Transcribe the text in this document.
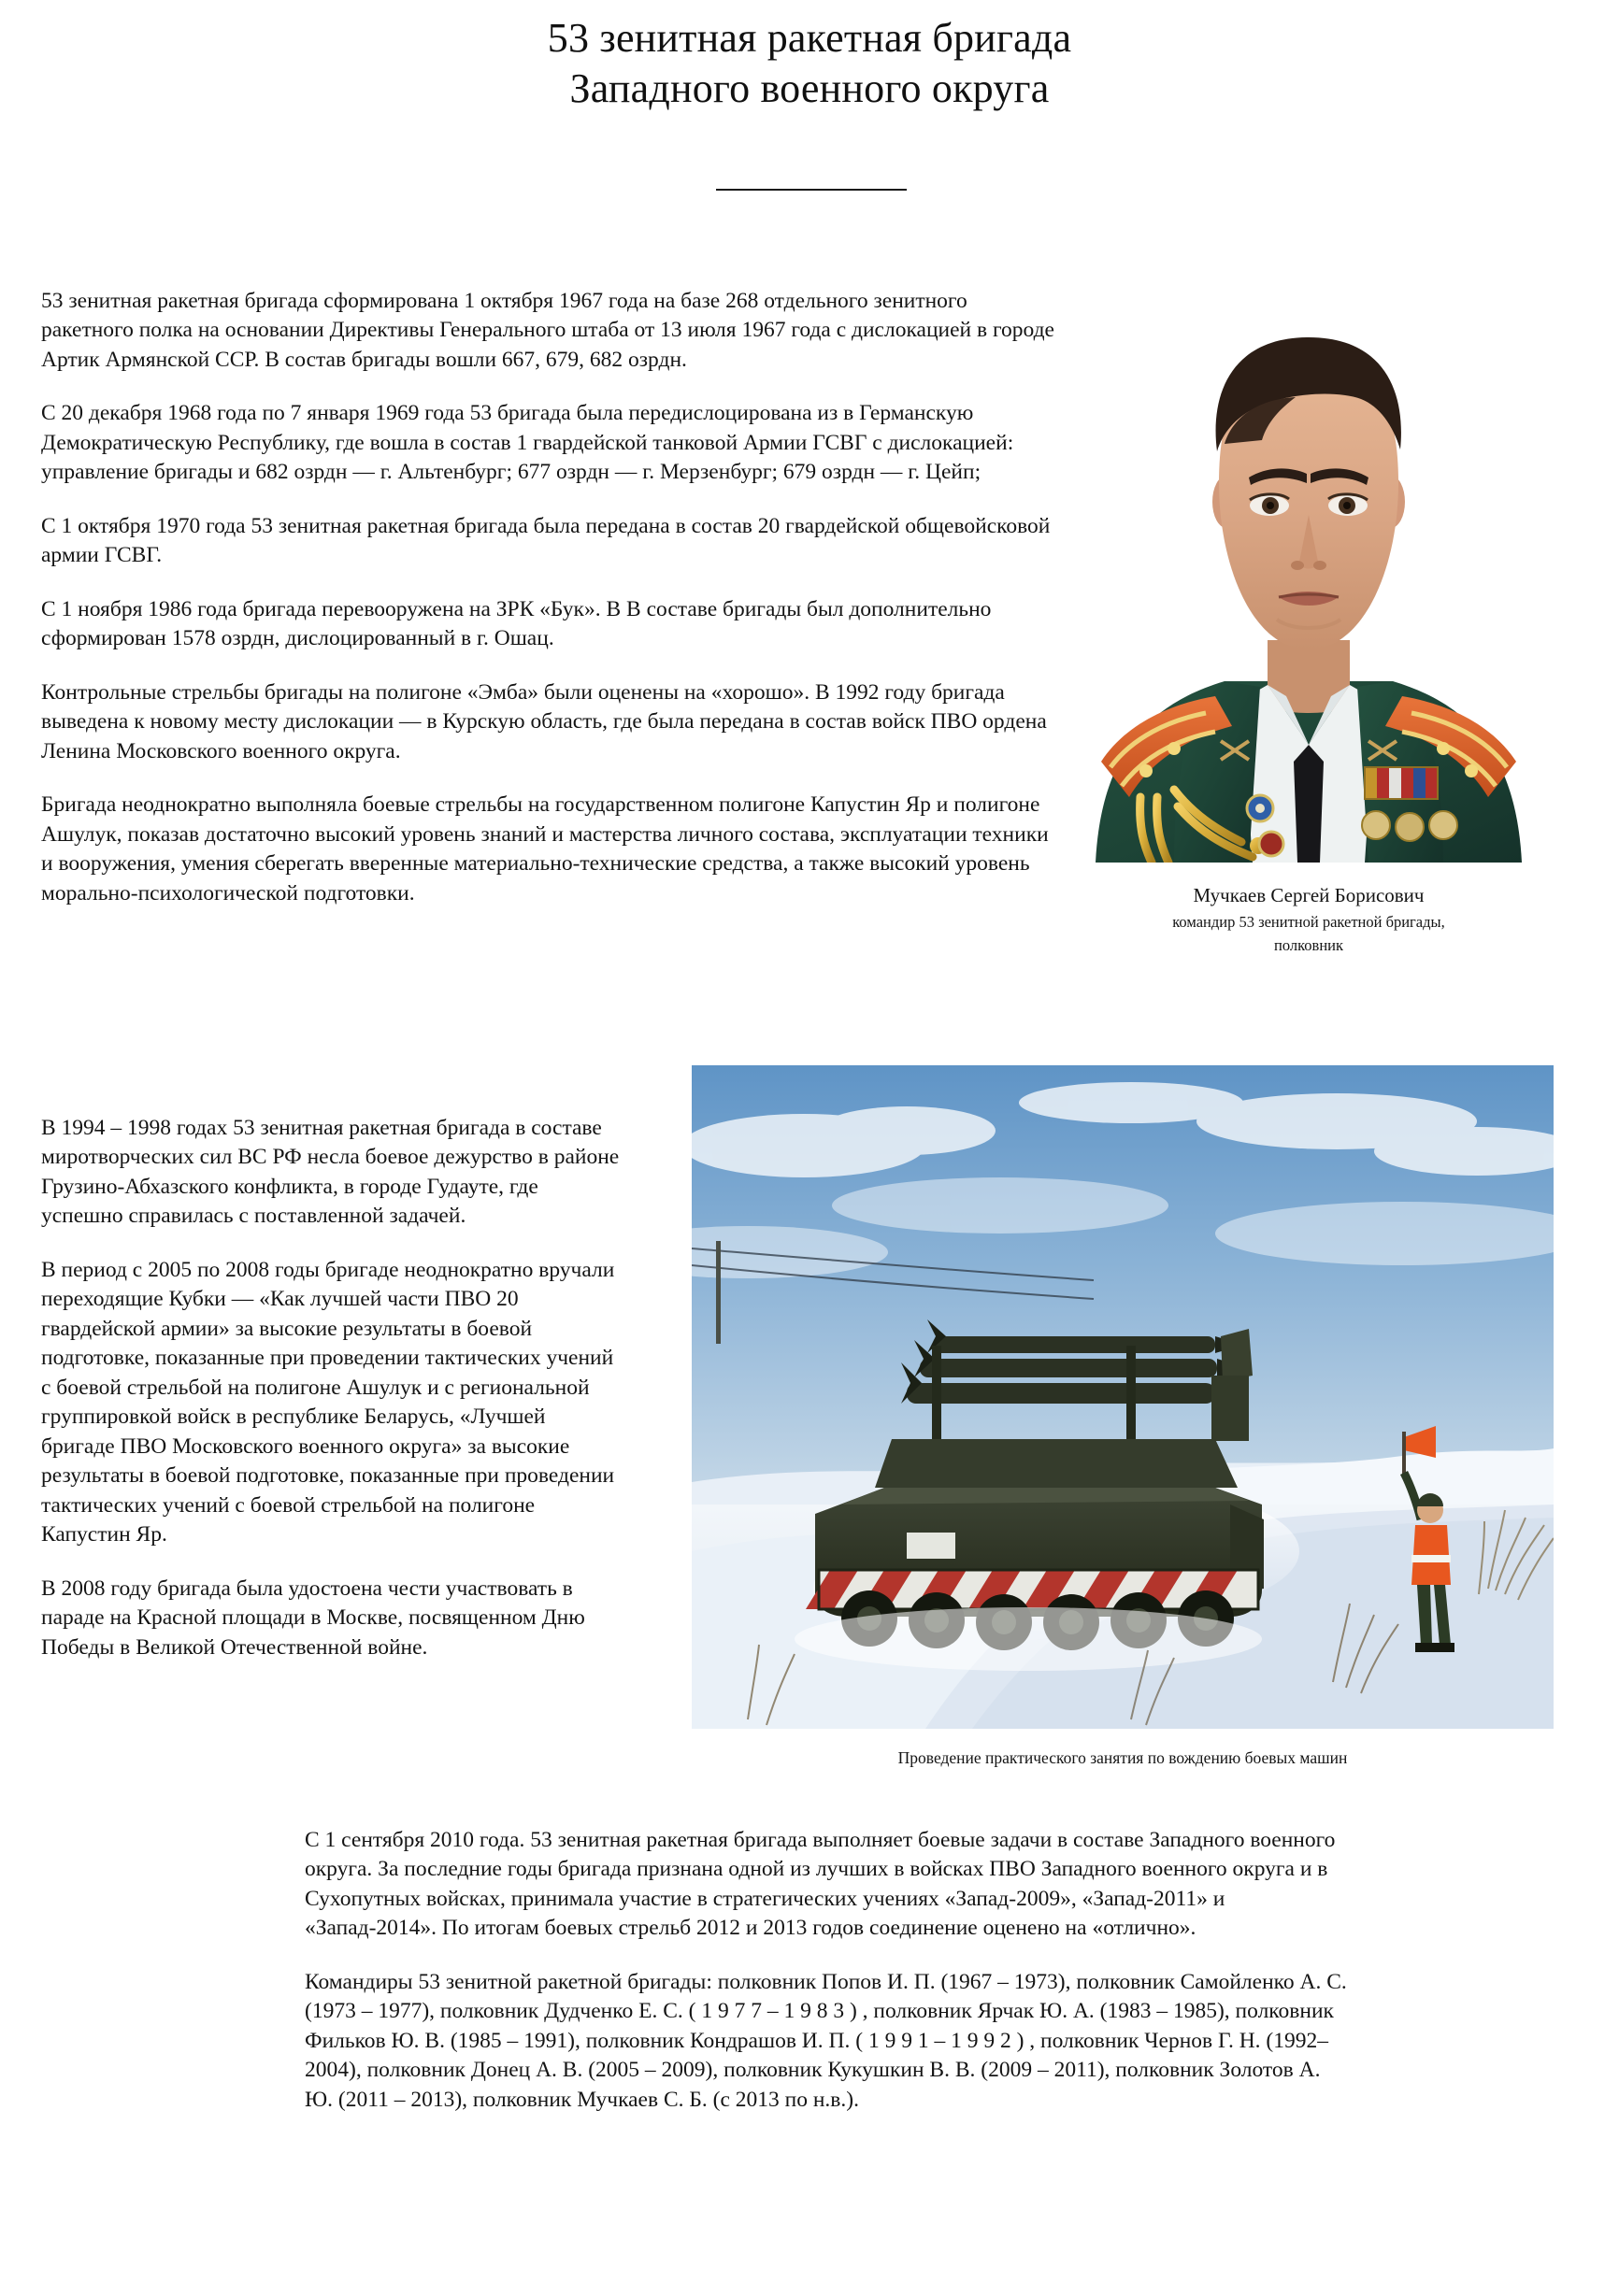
53 зенитная ракетная бригада
Западного военного округа

53 зенитная ракетная бригада сформирована 1 октября 1967 года на базе 268 отдельного зенитного ракетного полка на основании Директивы Генерального штаба от 13 июля 1967 года с дислокацией в городе Артик Армянской ССР. В состав бригады вошли 667, 679, 682 озрдн.

С 20 декабря 1968 года по 7 января 1969 года 53 бригада была передислоцирована из в Германскую Демократическую Республику, где вошла в состав 1 гвардейской танковой Армии ГСВГ с дислокацией: управление бригады и 682 озрдн — г. Альтенбург; 677 озрдн — г. Мерзенбург; 679 озрдн — г. Цейп;

С 1 октября 1970 года 53 зенитная ракетная бригада была передана в состав 20 гвардейской общевойсковой армии ГСВГ.

С 1 ноября 1986 года бригада перевооружена на ЗРК «Бук». В В составе бригады был дополнительно сформирован 1578 озрдн, дислоцированный в г. Ошац.

Контрольные стрельбы бригады на полигоне «Эмба» были оценены на «хорошо». В 1992 году бригада выведена к новому месту дислокации — в Курскую область, где была передана в состав войск ПВО ордена Ленина Московского военного округа.

Бригада неоднократно выполняла боевые стрельбы на государственном полигоне Капустин Яр и полигоне Ашулук, показав достаточно высокий уровень знаний и мастерства личного состава, эксплуатации техники и вооружения, умения сберегать вверенные материально-технические средства, а также высокий уровень морально-психологической подготовки.	Мучкаев Сергей Борисович
командир 53 зенитной ракетной бригады,
полковник

В 1994 – 1998 годах 53 зенитная ракетная бригада в составе миротворческих сил ВС РФ несла боевое дежурство в районе Грузино-Абхазского конфликта, в городе Гудауте, где успешно справилась с поставленной задачей.

В период с 2005 по 2008 годы бригаде неоднократно вручали переходящие Кубки — «Как лучшей части ПВО 20 гвардейской армии» за высокие результаты в боевой подготовке, показанные при проведении тактических учений с боевой стрельбой на полигоне Ашулук и с региональной группировкой войск в республике Беларусь, «Лучшей бригаде ПВО Московского военного округа» за высокие результаты в боевой подготовке, показанные при проведении тактических учений с боевой стрельбой на полигоне Капустин Яр.

В 2008 году бригада была удостоена чести участвовать в параде на Красной площади в Москве, посвященном Дню Победы в Великой Отечественной войне.

Проведение практического занятия по вождению боевых машин

С 1 сентября 2010 года. 53 зенитная ракетная бригада выполняет боевые задачи в составе Западного военного округа. За последние годы бригада признана одной из лучших в войсках ПВО Западного военного округа и в Сухопутных войсках, принимала участие в стратегических учениях «Запад-2009», «Запад-2011» и «Запад-2014». По итогам боевых стрельб 2012 и 2013 годов соединение оценено на «отлично».

Командиры 53 зенитной ракетной бригады: полковник Попов И. П. (1967 – 1973), полковник Самойленко А. С. (1973 – 1977), полковник Дудченко Е. С. ( 1 9 7 7 – 1 9 8 3 ) , полковник Ярчак Ю. А. (1983 – 1985), полковник Фильков Ю. В. (1985 – 1991), полковник Кондрашов И. П. ( 1 9 9 1 – 1 9 9 2 ) , полковник Чернов Г. Н. (1992– 2004), полковник Донец А. В. (2005 – 2009), полковник Кукушкин В. В. (2009 – 2011), полковник Золотов А. Ю. (2011 – 2013), полковник Мучкаев С. Б. (с 2013 по н.в.).
